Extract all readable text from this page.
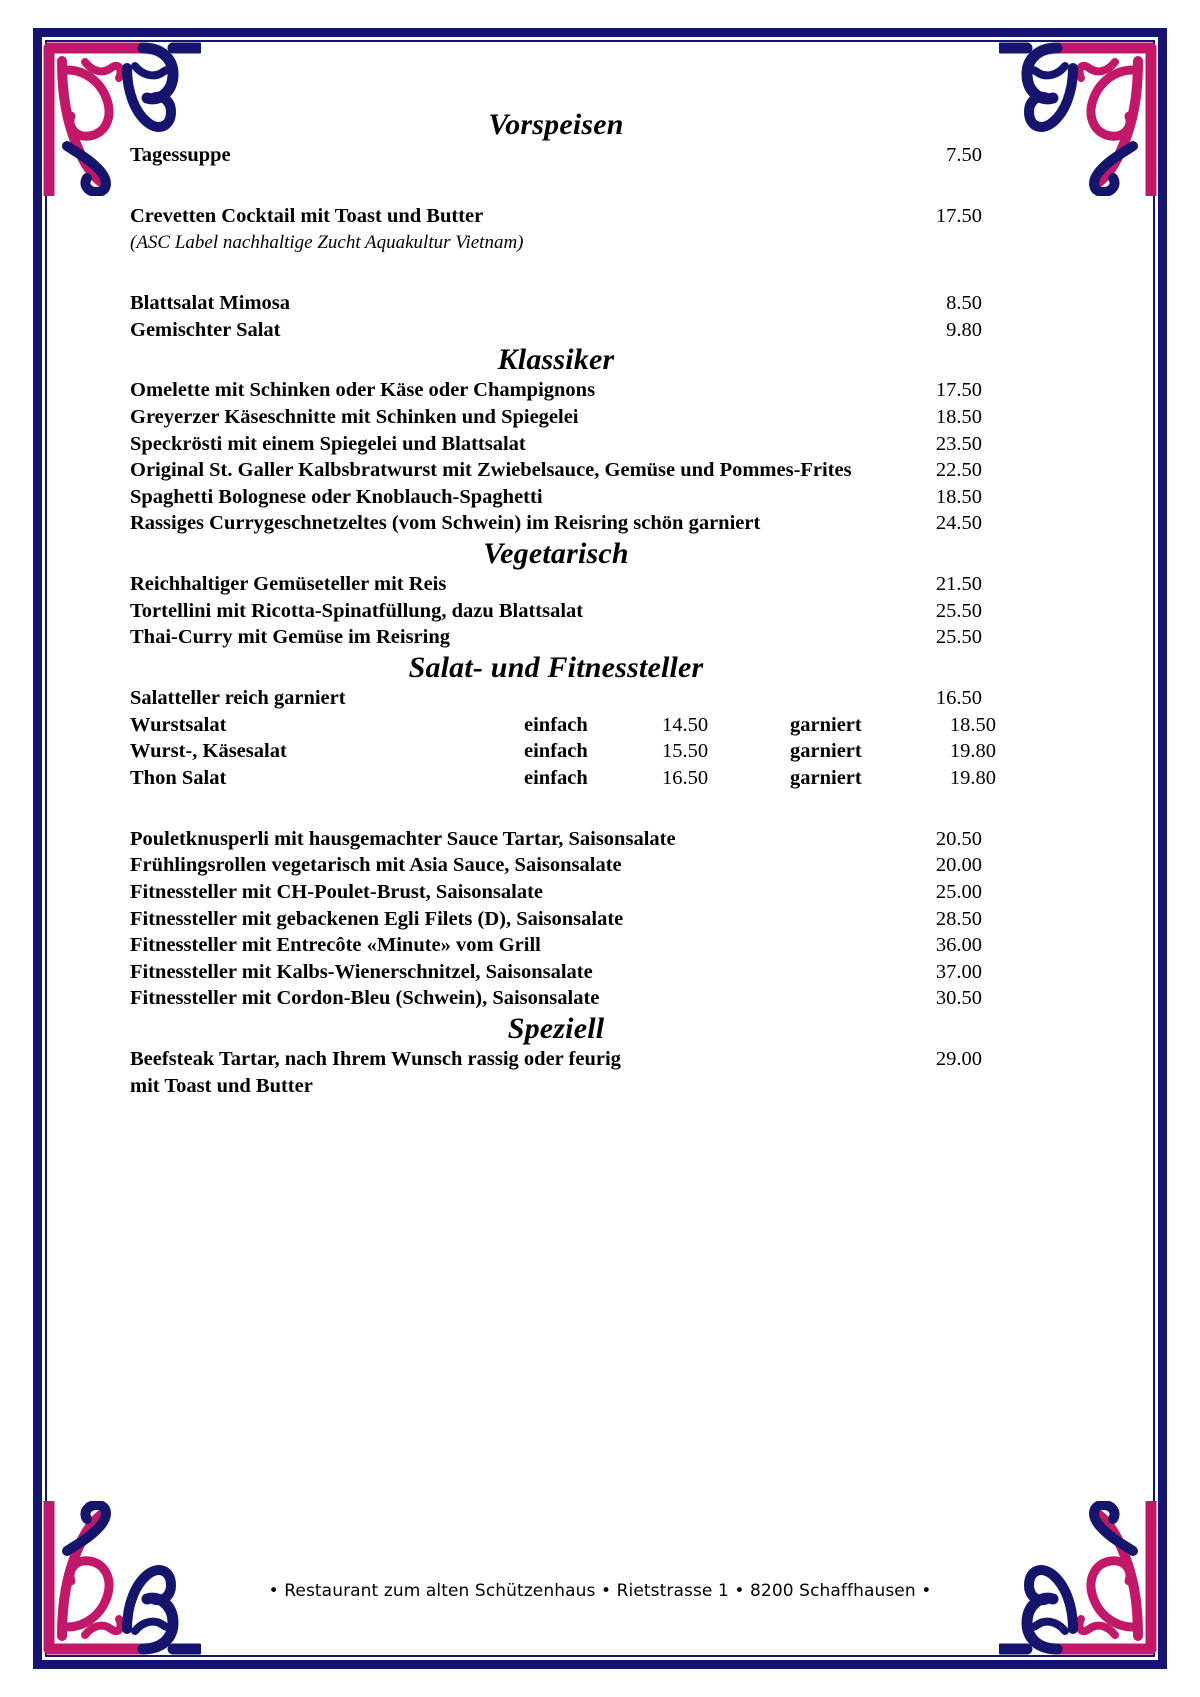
Vorspeisen
Tagessuppe	7.50
Crevetten Cocktail mit Toast und Butter	17.50
(ASC Label nachhaltige Zucht Aquakultur Vietnam)
Blattsalat Mimosa	8.50
Gemischter Salat	9.80
Klassiker
Omelette mit Schinken oder Käse oder Champignons	17.50
Greyerzer Käseschnitte mit Schinken und Spiegelei	18.50
Speckrösti mit einem Spiegelei und Blattsalat	23.50
Original St. Galler Kalbsbratwurst mit Zwiebelsauce, Gemüse und Pommes-Frites	22.50
Spaghetti Bolognese oder Knoblauch-Spaghetti	18.50
Rassiges Currygeschnetzeltes (vom Schwein) im Reisring schön garniert	24.50
Vegetarisch
Reichhaltiger Gemüseteller mit Reis	21.50
Tortellini mit Ricotta-Spinatfüllung, dazu Blattsalat	25.50
Thai-Curry mit Gemüse im Reisring	25.50
Salat- und Fitnessteller
Salatteller reich garniert	16.50
Wurstsalat	einfach	14.50	garniert	18.50
Wurst-, Käsesalat	einfach	15.50	garniert	19.80
Thon Salat	einfach	16.50	garniert	19.80
Pouletknusperli mit hausgemachter Sauce Tartar, Saisonsalate	20.50
Frühlingsrollen vegetarisch mit Asia Sauce, Saisonsalate	20.00
Fitnessteller mit CH-Poulet-Brust, Saisonsalate	25.00
Fitnessteller mit gebackenen Egli Filets (D), Saisonsalate	28.50
Fitnessteller mit Entrecôte «Minute» vom Grill	36.00
Fitnessteller mit Kalbs-Wienerschnitzel, Saisonsalate	37.00
Fitnessteller mit Cordon-Bleu (Schwein), Saisonsalate	30.50
Speziell
Beefsteak Tartar, nach Ihrem Wunsch rassig oder feurig	29.00
mit Toast und Butter
• Restaurant zum alten Schützenhaus • Rietstrasse 1 • 8200 Schaffhausen •
